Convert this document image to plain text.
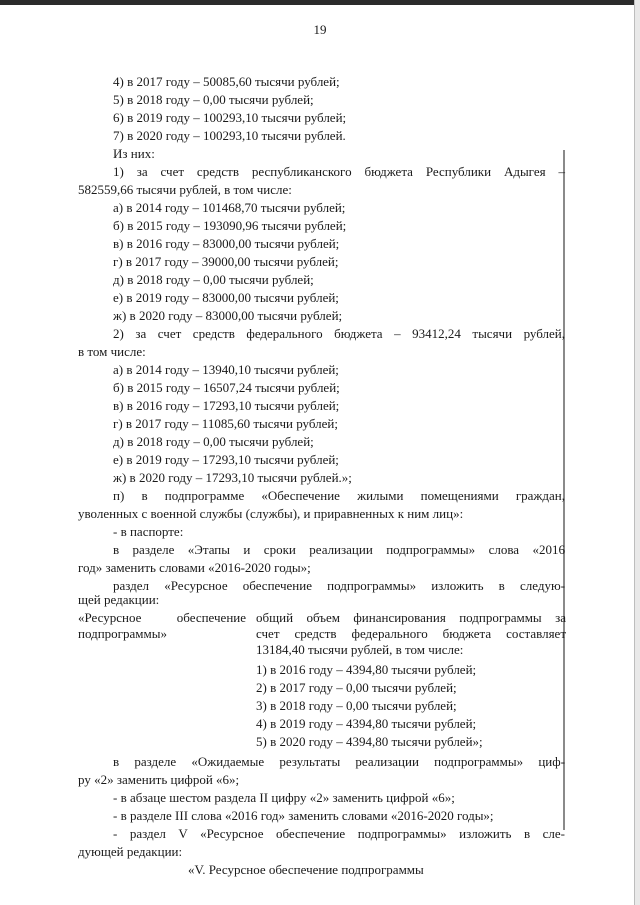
19
4) в 2017 году – 50085,60 тысячи рублей;
5) в 2018 году – 0,00 тысячи рублей;
6) в 2019 году – 100293,10 тысячи рублей;
7) в 2020 году – 100293,10 тысячи рублей.
Из них:
1) за счет средств республиканского бюджета Республики Адыгея –
582559,66 тысячи рублей, в том числе:
а) в 2014 году – 101468,70 тысячи рублей;
б) в 2015 году – 193090,96 тысячи рублей;
в) в 2016 году – 83000,00 тысячи рублей;
г) в 2017 году – 39000,00 тысячи рублей;
д) в 2018 году – 0,00 тысячи рублей;
е) в 2019 году – 83000,00 тысячи рублей;
ж) в 2020 году – 83000,00 тысячи рублей;
2) за счет средств федерального бюджета – 93412,24 тысячи рублей,
в том числе:
а) в 2014 году – 13940,10 тысячи рублей;
б) в 2015 году – 16507,24 тысячи рублей;
в) в 2016 году – 17293,10 тысячи рублей;
г) в 2017 году – 11085,60 тысячи рублей;
д) в 2018 году – 0,00 тысячи рублей;
е) в 2019 году – 17293,10 тысячи рублей;
ж) в 2020 году – 17293,10 тысячи рублей.»;
п) в подпрограмме «Обеспечение жилыми помещениями граждан,
уволенных с военной службы (службы), и приравненных к ним лиц»:
- в паспорте:
в разделе «Этапы и сроки реализации подпрограммы» слова «2016
год» заменить словами «2016-2020 годы»;
раздел «Ресурсное обеспечение подпрограммы» изложить в следую-
щей редакции:
«Ресурсное обеспечение
подпрограммы»
общий объем финансирования подпрограммы за
счет средств федерального бюджета составляет
13184,40 тысячи рублей, в том числе:
1) в 2016 году – 4394,80 тысячи рублей;
2) в 2017 году – 0,00 тысячи рублей;
3) в 2018 году – 0,00 тысячи рублей;
4) в 2019 году – 4394,80 тысячи рублей;
5) в 2020 году – 4394,80 тысячи рублей»;
в разделе «Ожидаемые результаты реализации подпрограммы» циф-
ру «2» заменить цифрой «6»;
- в абзаце шестом раздела II цифру «2» заменить цифрой «6»;
- в разделе III слова «2016 год» заменить словами «2016-2020 годы»;
- раздел V «Ресурсное обеспечение подпрограммы» изложить в сле-
дующей редакции:
«V. Ресурсное обеспечение подпрограммы
